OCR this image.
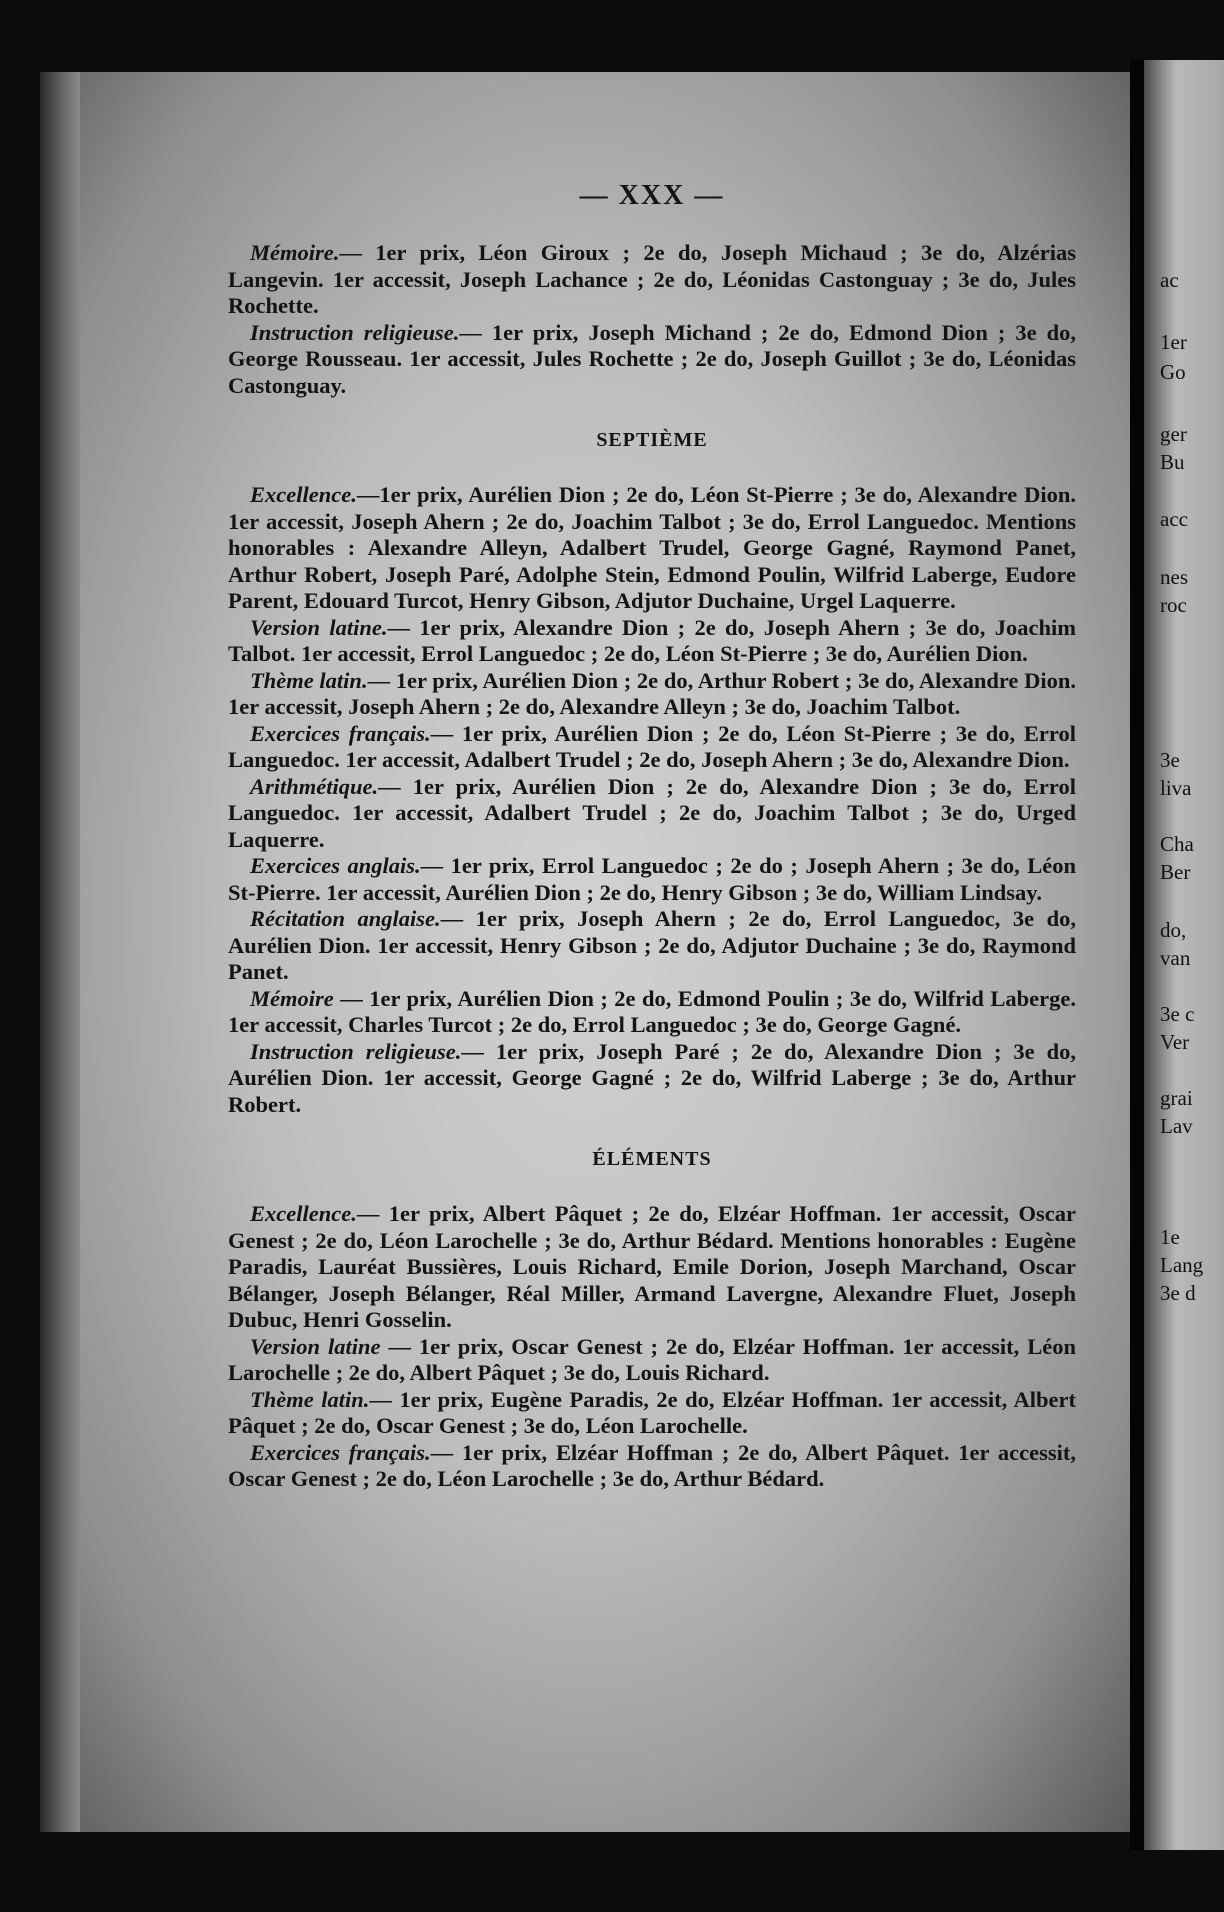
ac
1er
Go
ger
Bu
acc
nes
roc
3e
liva
Cha
Ber
do,
van
3e c
Ver
grai
Lav
1e
Lang
3e d
— XXX —

Mémoire.— 1er prix, Léon Giroux ; 2e do, Joseph Michaud ; 3e do, Alzérias Langevin. 1er accessit, Joseph Lachance ; 2e do, Léonidas Castonguay ; 3e do, Jules Rochette.

Instruction religieuse.— 1er prix, Joseph Michand ; 2e do, Edmond Dion ; 3e do, George Rousseau. 1er accessit, Jules Rochette ; 2e do, Joseph Guillot ; 3e do, Léonidas Castonguay.

SEPTIÈME

Excellence.—1er prix, Aurélien Dion ; 2e do, Léon St-Pierre ; 3e do, Alexandre Dion. 1er accessit, Joseph Ahern ; 2e do, Joachim Talbot ; 3e do, Errol Languedoc. Mentions honorables : Alexandre Alleyn, Adalbert Trudel, George Gagné, Raymond Panet, Arthur Robert, Joseph Paré, Adolphe Stein, Edmond Poulin, Wilfrid Laberge, Eudore Parent, Edouard Turcot, Henry Gibson, Adjutor Duchaine, Urgel Laquerre.

Version latine.— 1er prix, Alexandre Dion ; 2e do, Joseph Ahern ; 3e do, Joachim Talbot. 1er accessit, Errol Languedoc ; 2e do, Léon St-Pierre ; 3e do, Aurélien Dion.

Thème latin.— 1er prix, Aurélien Dion ; 2e do, Arthur Robert ; 3e do, Alexandre Dion. 1er accessit, Joseph Ahern ; 2e do, Alexandre Alleyn ; 3e do, Joachim Talbot.

Exercices français.— 1er prix, Aurélien Dion ; 2e do, Léon St-Pierre ; 3e do, Errol Languedoc. 1er accessit, Adalbert Trudel ; 2e do, Joseph Ahern ; 3e do, Alexandre Dion.

Arithmétique.— 1er prix, Aurélien Dion ; 2e do, Alexandre Dion ; 3e do, Errol Languedoc. 1er accessit, Adalbert Trudel ; 2e do, Joachim Talbot ; 3e do, Urged Laquerre.

Exercices anglais.— 1er prix, Errol Languedoc ; 2e do ; Joseph Ahern ; 3e do, Léon St-Pierre. 1er accessit, Aurélien Dion ; 2e do, Henry Gibson ; 3e do, William Lindsay.

Récitation anglaise.— 1er prix, Joseph Ahern ; 2e do, Errol Languedoc, 3e do, Aurélien Dion. 1er accessit, Henry Gibson ; 2e do, Adjutor Duchaine ; 3e do, Raymond Panet.

Mémoire — 1er prix, Aurélien Dion ; 2e do, Edmond Poulin ; 3e do, Wilfrid Laberge. 1er accessit, Charles Turcot ; 2e do, Errol Languedoc ; 3e do, George Gagné.

Instruction religieuse.— 1er prix, Joseph Paré ; 2e do, Alexandre Dion ; 3e do, Aurélien Dion. 1er accessit, George Gagné ; 2e do, Wilfrid Laberge ; 3e do, Arthur Robert.

ÉLÉMENTS

Excellence.— 1er prix, Albert Pâquet ; 2e do, Elzéar Hoffman. 1er accessit, Oscar Genest ; 2e do, Léon Larochelle ; 3e do, Arthur Bédard. Mentions honorables : Eugène Paradis, Lauréat Bussières, Louis Richard, Emile Dorion, Joseph Marchand, Oscar Bélanger, Joseph Bélanger, Réal Miller, Armand Lavergne, Alexandre Fluet, Joseph Dubuc, Henri Gosselin.

Version latine — 1er prix, Oscar Genest ; 2e do, Elzéar Hoffman. 1er accessit, Léon Larochelle ; 2e do, Albert Pâquet ; 3e do, Louis Richard.

Thème latin.— 1er prix, Eugène Paradis, 2e do, Elzéar Hoffman. 1er accessit, Albert Pâquet ; 2e do, Oscar Genest ; 3e do, Léon Larochelle.

Exercices français.— 1er prix, Elzéar Hoffman ; 2e do, Albert Pâquet. 1er accessit, Oscar Genest ; 2e do, Léon Larochelle ; 3e do, Arthur Bédard.
